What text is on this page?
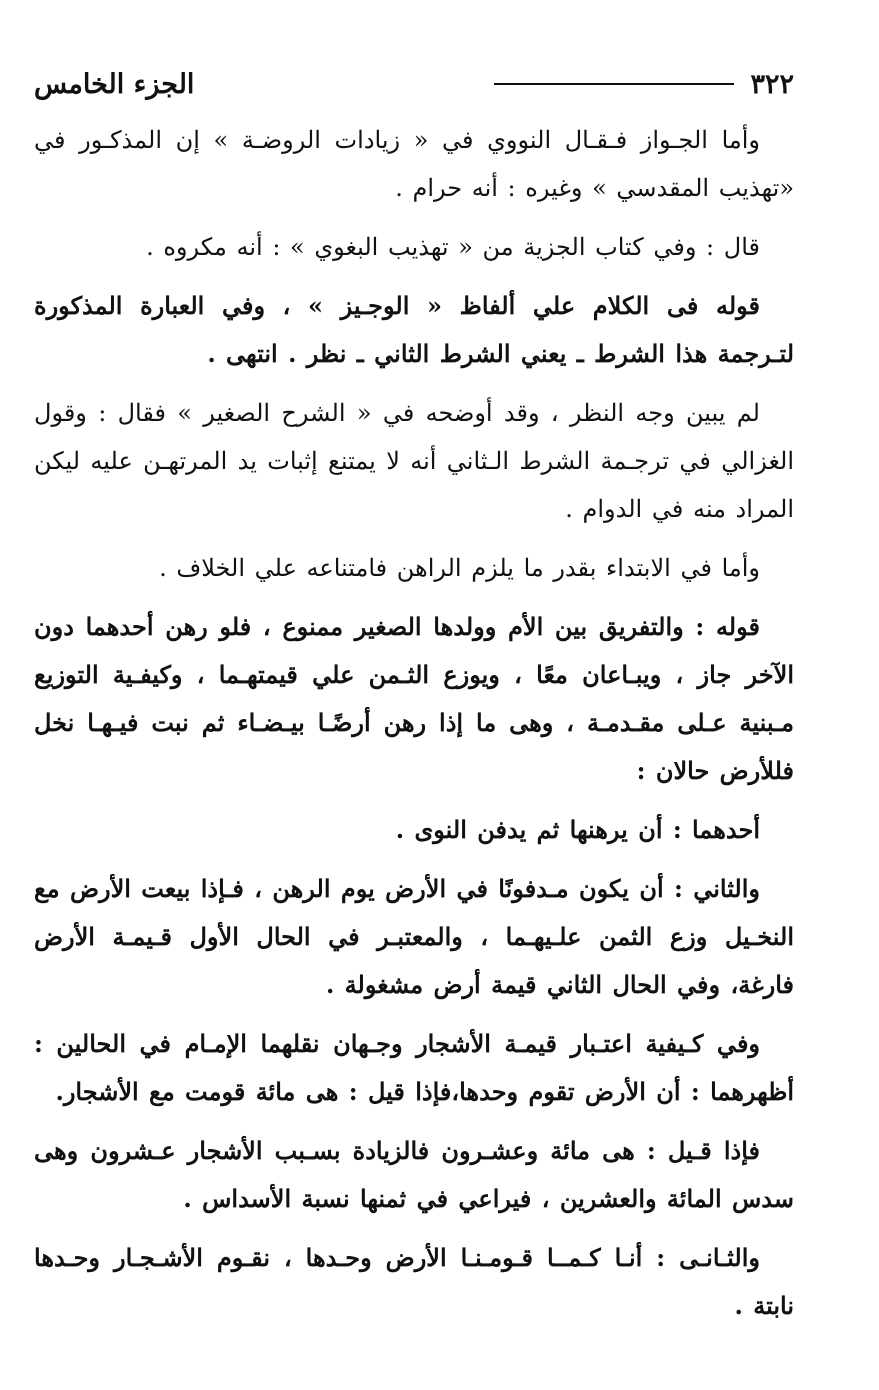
٣٢٢
الجزء الخامس

وأما الجـواز فـقـال النووي في « زيادات الروضـة » إن المذكـور في «تهذيب المقدسي » وغيره : أنه حرام .

قال : وفي كتاب الجزية من « تهذيب البغوي » : أنه مكروه .

قوله فى الكلام علي ألفاظ « الوجـيز » ، وفي العبارة المذكورة لتـرجمة هذا الشرط ـ يعني الشرط الثاني ـ نظر . انتهى .

لم يبين وجه النظر ، وقد أوضحه في « الشرح الصغير » فقال : وقول الغزالي في ترجـمة الشرط الـثاني أنه لا يمتنع إثبات يد المرتهـن عليه ليكن المراد منه في الدوام .

وأما في الابتداء بقدر ما يلزم الراهن فامتناعه علي الخلاف .

قوله : والتفريق بين الأم وولدها الصغير ممنوع ، فلو رهن أحدهما دون الآخر جاز ، ويبـاعان معًا ، ويوزع الثـمن علي قيمتهـما ، وكيفـية التوزيع مـبنية عـلى مقـدمـة ، وهى ما إذا رهن أرضًـا بيـضـاء ثم نبت فيـهـا نخل فللأرض حالان :

أحدهما : أن يرهنها ثم يدفن النوى .

والثاني : أن يكون مـدفونًا في الأرض يوم الرهن ، فـإذا بيعت الأرض مع النخـيل وزع الثمن علـيهـما ، والمعتبـر في الحال الأول قـيمـة الأرض فارغة، وفي الحال الثاني قيمة أرض مشغولة .

وفي كـيفية اعتـبار قيمـة الأشجار وجـهان نقلهما الإمـام في الحالين : أظهرهما : أن الأرض تقوم وحدها،فإذا قيل : هى مائة قومت مع الأشجار.

فإذا قـيل : هى مائة وعشـرون فالزيادة بسـبب الأشجار عـشرون وهى سدس المائة والعشرين ، فيراعي في ثمنها نسبة الأسداس .

والثـانـى : أنـا كـمــا قـومـنـا الأرض وحـدها ، نقـوم الأشـجـار وحـدها نابتة .
